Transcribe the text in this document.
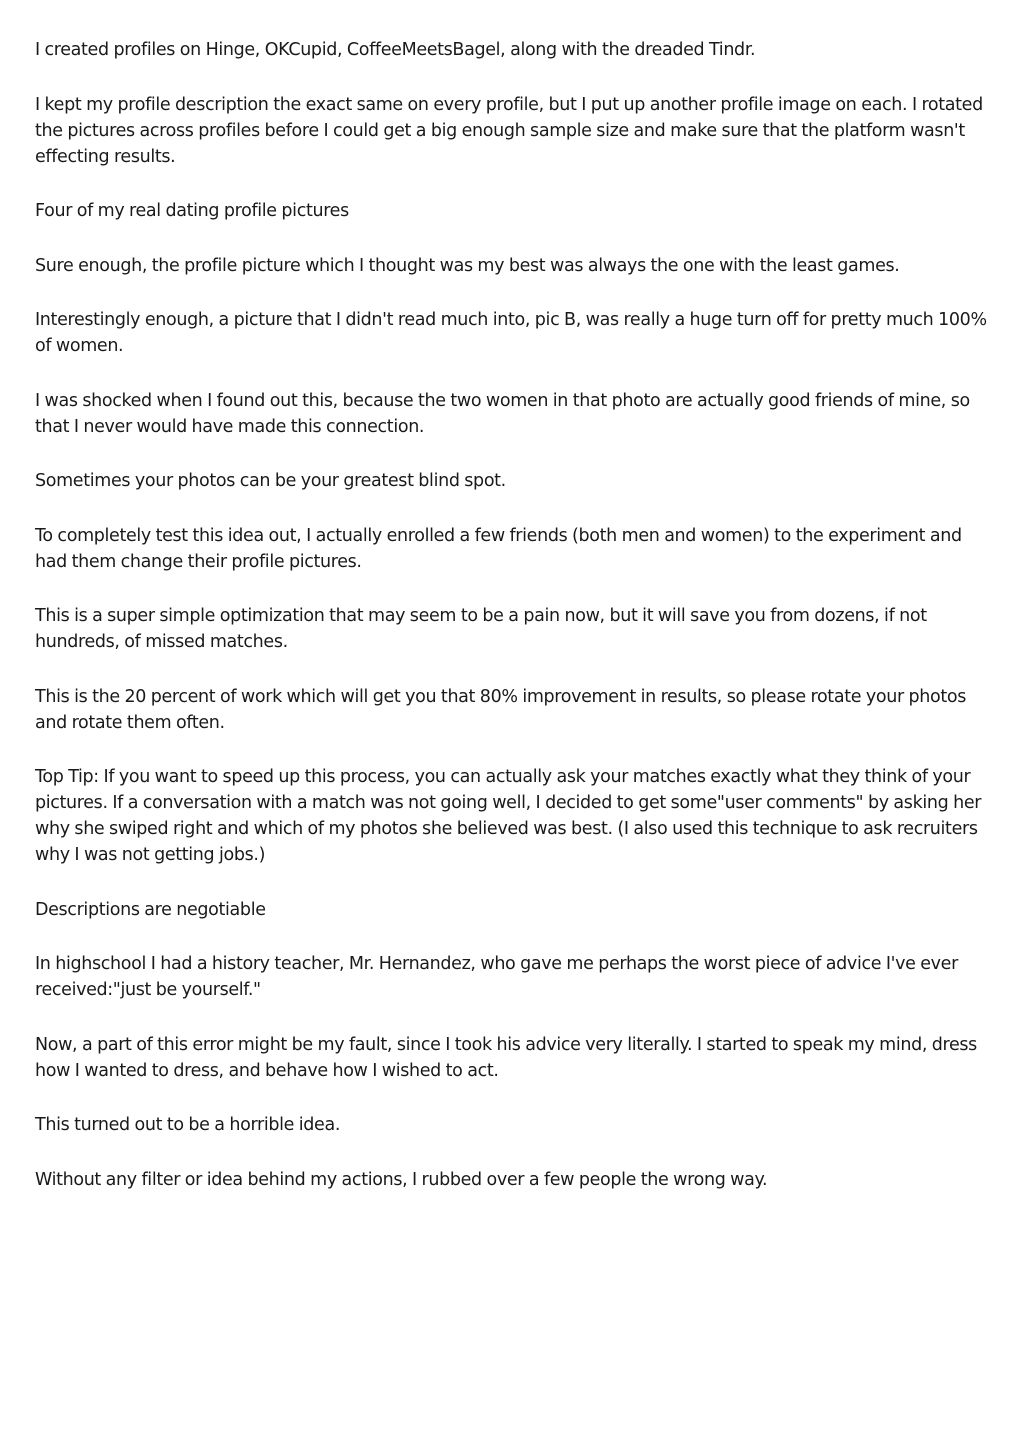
I created profiles on Hinge, OKCupid, CoffeeMeetsBagel, along with the dreaded Tindr.

I kept my profile description the exact same on every profile, but I put up another profile image on each. I rotated the pictures across profiles before I could get a big enough sample size and make sure that the platform wasn't effecting results.

Four of my real dating profile pictures

Sure enough, the profile picture which I thought was my best was always the one with the least games.

Interestingly enough, a picture that I didn't read much into, pic B, was really a huge turn off for pretty much 100% of women.

I was shocked when I found out this, because the two women in that photo are actually good friends of mine, so that I never would have made this connection.

Sometimes your photos can be your greatest blind spot.

To completely test this idea out, I actually enrolled a few friends (both men and women) to the experiment and had them change their profile pictures.

This is a super simple optimization that may seem to be a pain now, but it will save you from dozens, if not hundreds, of missed matches.

This is the 20 percent of work which will get you that 80% improvement in results, so please rotate your photos and rotate them often.

Top Tip: If you want to speed up this process, you can actually ask your matches exactly what they think of your pictures. If a conversation with a match was not going well, I decided to get some"user comments" by asking her why she swiped right and which of my photos she believed was best. (I also used this technique to ask recruiters why I was not getting jobs.)

Descriptions are negotiable

In highschool I had a history teacher, Mr. Hernandez, who gave me perhaps the worst piece of advice I've ever received:"just be yourself."

Now, a part of this error might be my fault, since I took his advice very literally. I started to speak my mind, dress how I wanted to dress, and behave how I wished to act.

This turned out to be a horrible idea.

Without any filter or idea behind my actions, I rubbed over a few people the wrong way.
